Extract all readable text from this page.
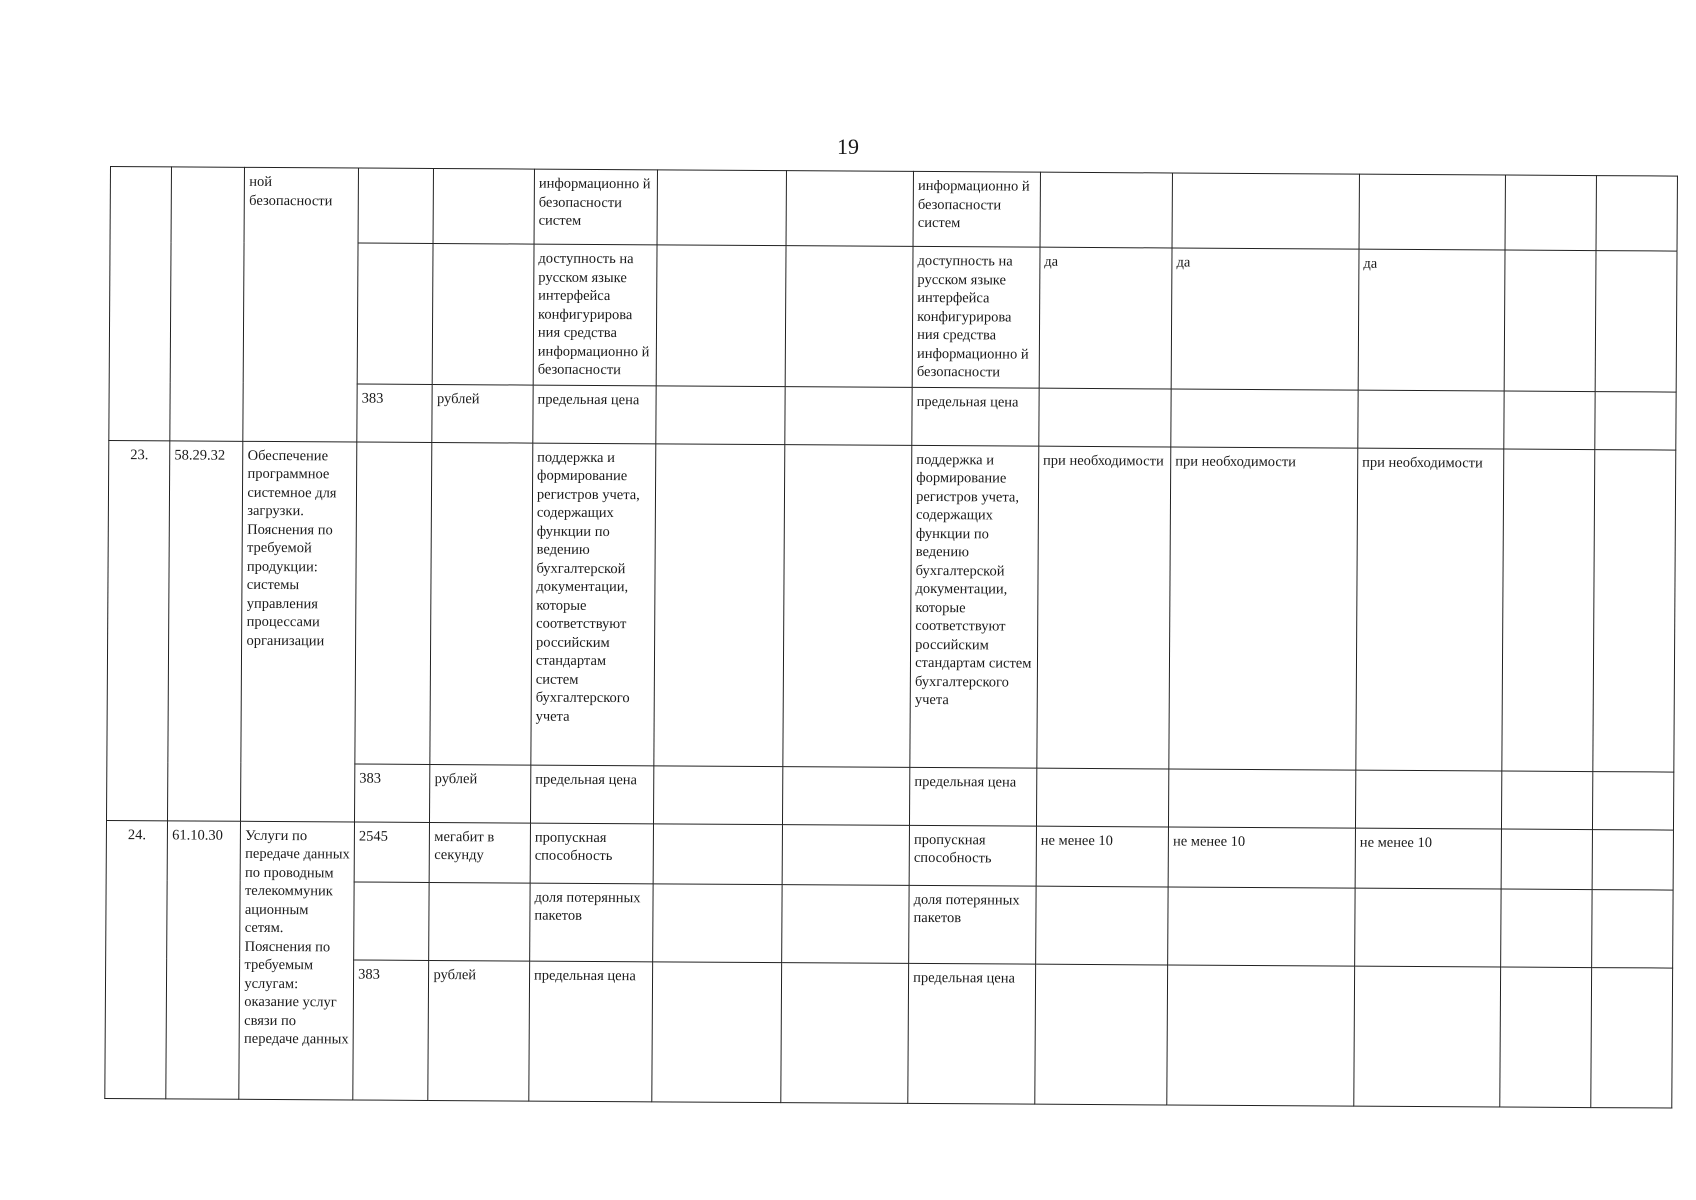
19
		ной безопасности			информационно й безопасности систем			информационно й безопасности систем					
					доступность на русском языке интерфейса конфигурирова ния средства информационно й безопасности			доступность на русском языке интерфейса конфигурирова ния средства информационно й безопасности	да	да	да		
			383	рублей	предельная цена			предельная цена					
23.	58.29.32	Обеспечение программное системное для загрузки. Пояснения по требуемой продукции: системы управления процессами организации			поддержка и формирование регистров учета, содержащих функции по ведению бухгалтерской документации, которые соответствуют российским стандартам систем бухгалтерского учета			поддержка и формирование регистров учета, содержащих функции по ведению бухгалтерской документации, которые соответствуют российским стандартам систем бухгалтерского учета	при необходимости	при необходимости	при необходимости		
			383	рублей	предельная цена			предельная цена					
24.	61.10.30	Услуги по передаче данных по проводным телекоммуник ационным сетям. Пояснения по требуемым услугам: оказание услуг связи по передаче данных	2545	мегабит в секунду	пропускная способность			пропускная способность	не менее 10	не менее 10	не менее 10		
					доля потерянных пакетов			доля потерянных пакетов					
			383	рублей	предельная цена			предельная цена					
